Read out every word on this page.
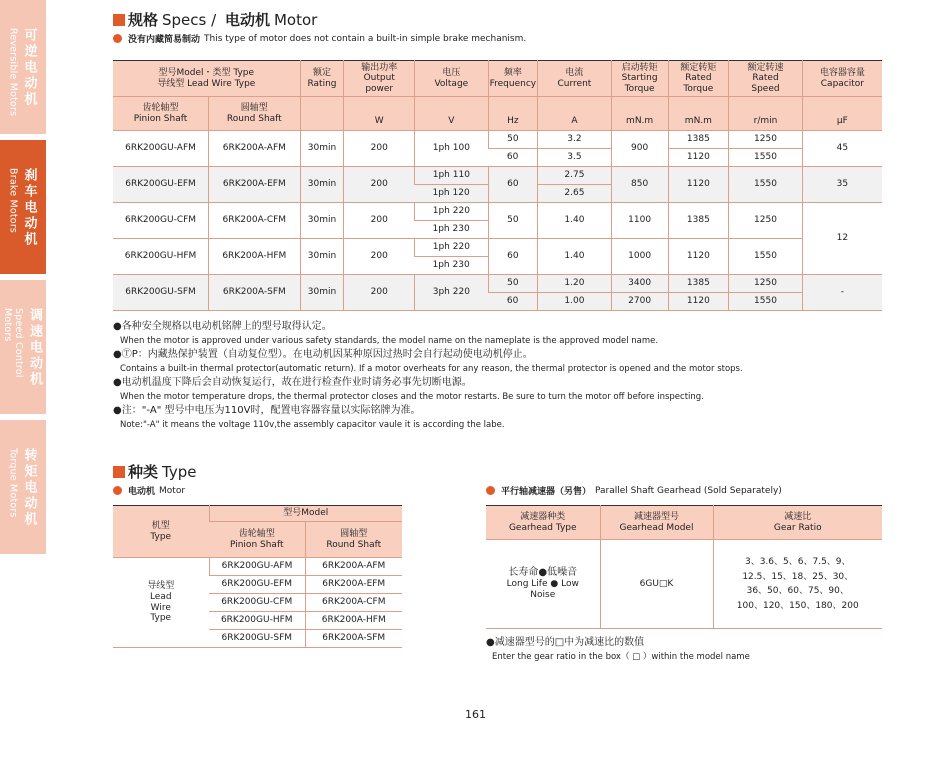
Reversible Motors 可逆电动机
Brake Motors 刹车电动机
Speed Control Motors	调速电动机
Torque Motors 转矩电动机
规格 Specs /
电动机 Motor
没有内藏简易制动 This type of motor does not contain a built-in simple brake mechanism.
型号Model・类型 Type
导线型 Lead Wire Type		额定
Rating	输出功率
Output
power	电压
Voltage	频率
Frequency	电流
Current	启动转矩
Starting
Torque	额定转矩
Rated
Torque	额定转速
Rated
Speed	电容器容量
Capacitor
齿轮轴型
Pinion Shaft	圆轴型
Round Shaft		W	V	Hz	A	mN.m	mN.m	r/min	μF
6RK200GU-AFM	6RK200A-AFM	30min	200	1ph 100	50	3.2	900	1385	1250	45
					60	3.5		1120	1550	
6RK200GU-EFM	6RK200A-EFM	30min	200	1ph 110	60	2.75	850	1120	1550	35
				1ph 120		2.65				
6RK200GU-CFM	6RK200A-CFM	30min	200	1ph 220	50	1.40	1100	1385	1250	12
				1ph 230						
6RK200GU-HFM	6RK200A-HFM	30min	200	1ph 220	60	1.40	1000	1120	1550	
				1ph 230						
6RK200GU-SFM	6RK200A-SFM	30min	200	3ph 220	50	1.20	3400	1385	1250	-
					60	1.00	2700	1120	1550	
●各种安全规格以电动机铭牌上的型号取得认定。
When the motor is approved under various safety standards, the model name on the nameplate is the approved model name.
●ⓉP：内藏热保护装置（自动复位型）。在电动机因某种原因过热时会自行起动使电动机停止。
Contains a built-in thermal protector(automatic return). If a motor overheats for any reason, the thermal protector is opened and the motor stops.
●电动机温度下降后会自动恢复运行，故在进行检查作业时请务必事先切断电源。
When the motor temperature drops, the thermal protector closes and the motor restarts. Be sure to turn the motor off before inspecting.
●注："-A" 型号中电压为110V时，配置电容器容量以实际铭牌为准。
Note:"-A" it means the voltage 110v,the assembly capacitor vaule it is according the labe.
种类 Type
电动机 Motor	平行轴减速器（另售） Parallel Shaft Gearhead (Sold Separately)
机型
Type	型号Model	
	齿轮轴型
Pinion Shaft	圆轴型
Round Shaft
导线型
Lead
Wire
Type	6RK200GU-AFM	6RK200A-AFM
	6RK200GU-EFM	6RK200A-EFM
	6RK200GU-CFM	6RK200A-CFM
	6RK200GU-HFM	6RK200A-HFM
	6RK200GU-SFM	6RK200A-SFM
减速器种类
Gearhead Type	减速器型号
Gearhead Model	减速比
Gear Ratio
长寿命●低噪音
Long Life ● Low
Noise	6GU□K	3、3.6、5、6、7.5、9、
12.5、15、18、25、30、
36、50、60、75、90、
100、120、150、180、200
●减速器型号的□中为减速比的数值
Enter the gear ratio in the box（ □ ）within the model name
161
